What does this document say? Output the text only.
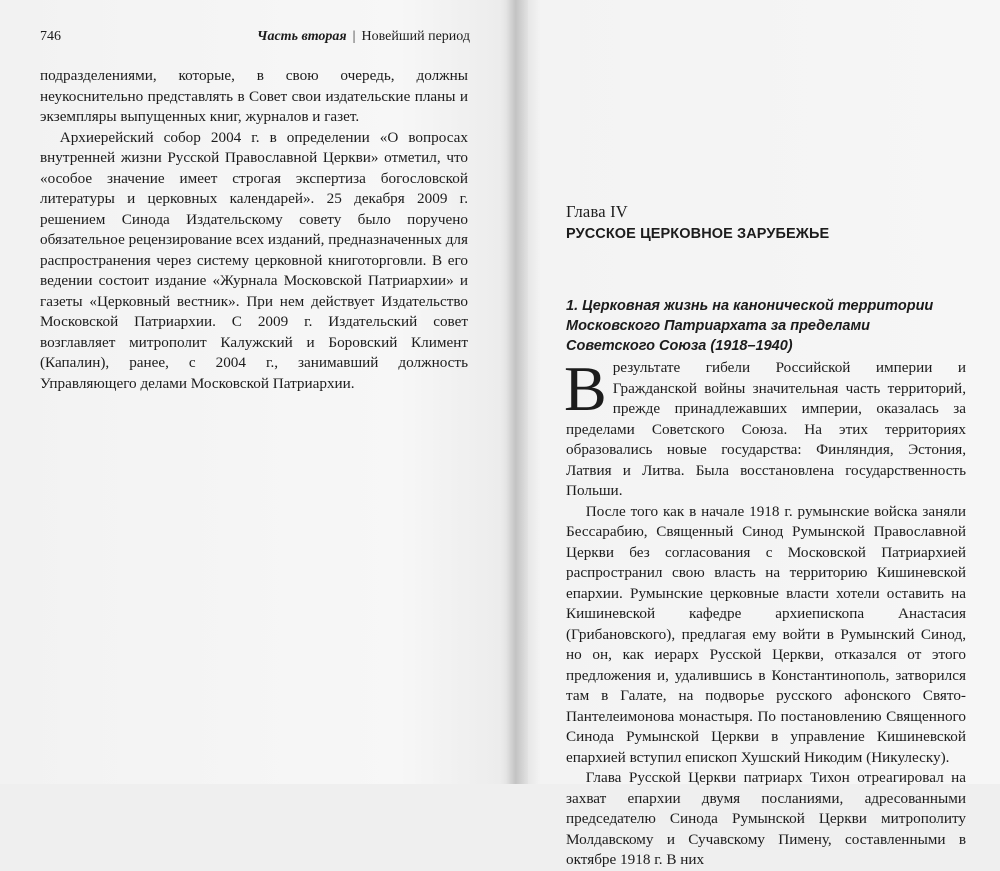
746	Часть вторая | Новейший период

подразделениями, которые, в свою очередь, должны неукоснительно представлять в Совет свои издательские планы и экземпляры выпущенных книг, журналов и газет.

Архиерейский собор 2004 г. в определении «О вопросах внутренней жизни Русской Православной Церкви» отметил, что «особое значение имеет строгая экспертиза богословской литературы и церковных календарей». 25 декабря 2009 г. решением Синода Издательскому совету было поручено обязательное рецензирование всех изданий, предназначенных для распространения через систему церковной книготорговли. В его ведении состоит издание «Журнала Московской Патриархии» и газеты «Церковный вестник». При нем действует Издательство Московской Патриархии. С 2009 г. Издательский совет возглавляет митрополит Калужский и Боровский Климент (Капалин), ранее, с 2004 г., занимавший должность Управляющего делами Московской Патриархии.

Глава IV
РУССКОЕ ЦЕРКОВНОЕ ЗАРУБЕЖЬЕ
1. Церковная жизнь на канонической территории Московского Патриархата за пределами Советского Союза (1918–1940)

Врезультате гибели Российской империи и Гражданской войны значительная часть территорий, прежде принадлежавших империи, оказалась за пределами Советского Союза. На этих территориях образовались новые государства: Финляндия, Эстония, Латвия и Литва. Была восстановлена государственность Польши.

После того как в начале 1918 г. румынские войска заняли Бессарабию, Священный Синод Румынской Православной Церкви без согласования с Московской Патриархией распространил свою власть на территорию Кишиневской епархии. Румынские церковные власти хотели оставить на Кишиневской кафедре архиепископа Анастасия (Грибановского), предлагая ему войти в Румынский Синод, но он, как иерарх Русской Церкви, отказался от этого предложения и, удалившись в Константинополь, затворился там в Галате, на подворье русского афонского Свято-Пантелеимонова монастыря. По постановлению Священного Синода Румынской Церкви в управление Кишиневской епархией вступил епископ Хушский Никодим (Никулеску).

Глава Русской Церкви патриарх Тихон отреагировал на захват епархии двумя посланиями, адресованными председателю Синода Румынской Церкви митрополиту Молдавскому и Сучавскому Пимену, составленными в октябре 1918 г. В них
